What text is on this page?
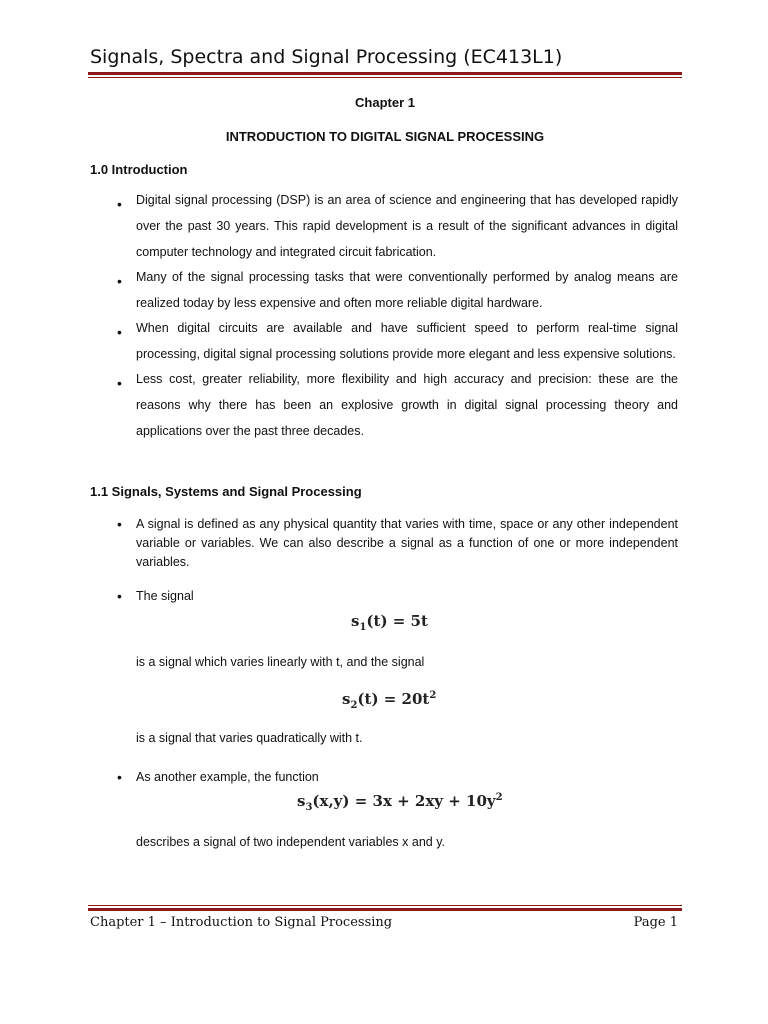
Signals, Spectra and Signal Processing (EC413L1)
Chapter 1
INTRODUCTION TO DIGITAL SIGNAL PROCESSING
1.0 Introduction
• Digital signal processing (DSP) is an area of science and engineering that has developed rapidly over the past 30 years. This rapid development is a result of the significant advances in digital computer technology and integrated circuit fabrication.
• Many of the signal processing tasks that were conventionally performed by analog means are realized today by less expensive and often more reliable digital hardware.
• When digital circuits are available and have sufficient speed to perform real-time signal processing, digital signal processing solutions provide more elegant and less expensive solutions.
• Less cost, greater reliability, more flexibility and high accuracy and precision: these are the reasons why there has been an explosive growth in digital signal processing theory and applications over the past three decades.
1.1 Signals, Systems and Signal Processing
• A signal is defined as any physical quantity that varies with time, space or any other independent variable or variables. We can also describe a signal as a function of one or more independent variables.
• The signal
$s_1(t) = 5t$
is a signal which varies linearly with t, and the signal
$s_2(t) = 20t^2$
is a signal that varies quadratically with t.
• As another example, the function
$s_3(x,y) = 3x + 2xy + 10y^2$
describes a signal of two independent variables x and y.
Chapter 1 – Introduction to Signal Processing	Page 1
